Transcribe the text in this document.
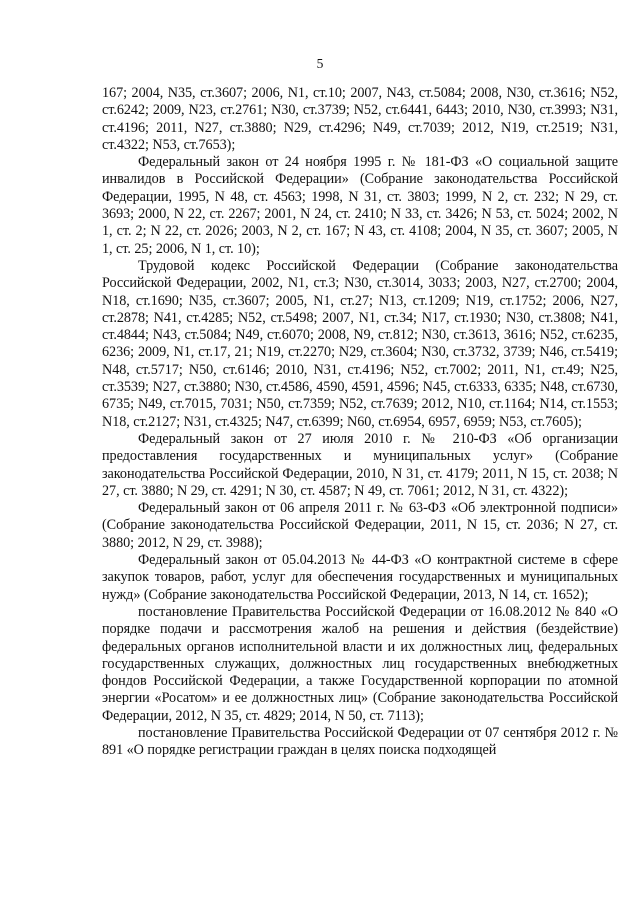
5

167; 2004, N35, ст.3607; 2006, N1, ст.10; 2007, N43, ст.5084; 2008, N30, ст.3616; N52, ст.6242; 2009, N23, ст.2761; N30, ст.3739; N52, ст.6441, 6443; 2010, N30, ст.3993; N31, ст.4196; 2011, N27, ст.3880; N29, ст.4296; N49, ст.7039; 2012, N19, ст.2519; N31, ст.4322; N53, ст.7653);

Федеральный закон от 24 ноября 1995 г. № 181-ФЗ «О социальной защите инвалидов в Российской Федерации» (Собрание законодательства Российской Федерации, 1995, N 48, ст. 4563; 1998, N 31, ст. 3803; 1999, N 2, ст. 232; N 29, ст. 3693; 2000, N 22, ст. 2267; 2001, N 24, ст. 2410; N 33, ст. 3426; N 53, ст. 5024; 2002, N 1, ст. 2; N 22, ст. 2026; 2003, N 2, ст. 167; N 43, ст. 4108; 2004, N 35, ст. 3607; 2005, N 1, ст. 25; 2006, N 1, ст. 10);

Трудовой кодекс Российской Федерации (Собрание законодательства Российской Федерации, 2002, N1, ст.3; N30, ст.3014, 3033; 2003, N27, ст.2700; 2004, N18, ст.1690; N35, ст.3607; 2005, N1, ст.27; N13, ст.1209; N19, ст.1752; 2006, N27, ст.2878; N41, ст.4285; N52, ст.5498; 2007, N1, ст.34; N17, ст.1930; N30, ст.3808; N41, ст.4844; N43, ст.5084; N49, ст.6070; 2008, N9, ст.812; N30, ст.3613, 3616; N52, ст.6235, 6236; 2009, N1, ст.17, 21; N19, ст.2270; N29, ст.3604; N30, ст.3732, 3739; N46, ст.5419; N48, ст.5717; N50, ст.6146; 2010, N31, ст.4196; N52, ст.7002; 2011, N1, ст.49; N25, ст.3539; N27, ст.3880; N30, ст.4586, 4590, 4591, 4596; N45, ст.6333, 6335; N48, ст.6730, 6735; N49, ст.7015, 7031; N50, ст.7359; N52, ст.7639; 2012, N10, ст.1164; N14, ст.1553; N18, ст.2127; N31, ст.4325; N47, ст.6399; N60, ст.6954, 6957, 6959; N53, ст.7605);

Федеральный закон от 27 июля 2010 г. № 210-ФЗ «Об организации предоставления государственных и муниципальных услуг» (Собрание законодательства Российской Федерации, 2010, N 31, ст. 4179; 2011, N 15, ст. 2038; N 27, ст. 3880; N 29, ст. 4291; N 30, ст. 4587; N 49, ст. 7061; 2012, N 31, ст. 4322);

Федеральный закон от 06 апреля 2011 г. № 63-ФЗ «Об электронной подписи» (Собрание законодательства Российской Федерации, 2011, N 15, ст. 2036; N 27, ст. 3880; 2012, N 29, ст. 3988);

Федеральный закон от 05.04.2013 № 44-ФЗ «О контрактной системе в сфере закупок товаров, работ, услуг для обеспечения государственных и муниципальных нужд» (Собрание законодательства Российской Федерации, 2013, N 14, ст. 1652);

постановление Правительства Российской Федерации от 16.08.2012 № 840 «О порядке подачи и рассмотрения жалоб на решения и действия (бездействие) федеральных органов исполнительной власти и их должностных лиц, федеральных государственных служащих, должностных лиц государственных внебюджетных фондов Российской Федерации, а также Государственной корпорации по атомной энергии «Росатом» и ее должностных лиц» (Собрание законодательства Российской Федерации, 2012, N 35, ст. 4829; 2014, N 50, ст. 7113);

постановление Правительства Российской Федерации от 07 сентября 2012 г. № 891 «О порядке регистрации граждан в целях поиска подходящей
